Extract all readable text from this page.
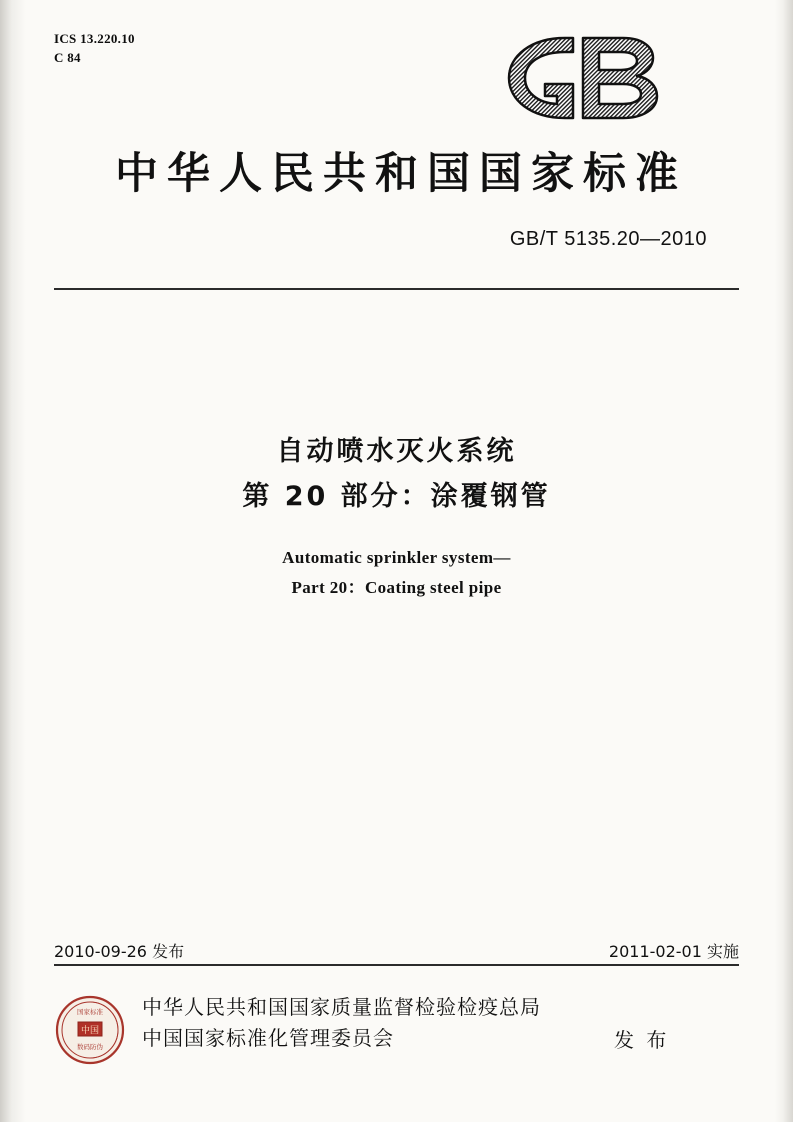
ICS 13.220.10
C 84
中华人民共和国国家标准
GB/T 5135.20—2010
自动喷水灭火系统
第 20 部分：涂覆钢管
Automatic sprinkler system—
Part 20：Coating steel pipe
2010-09-26 发布	2011-02-01 实施
中国
国家标准
数码防伪
中华人民共和国国家质量监督检验检疫总局
中国国家标准化管理委员会	发 布
